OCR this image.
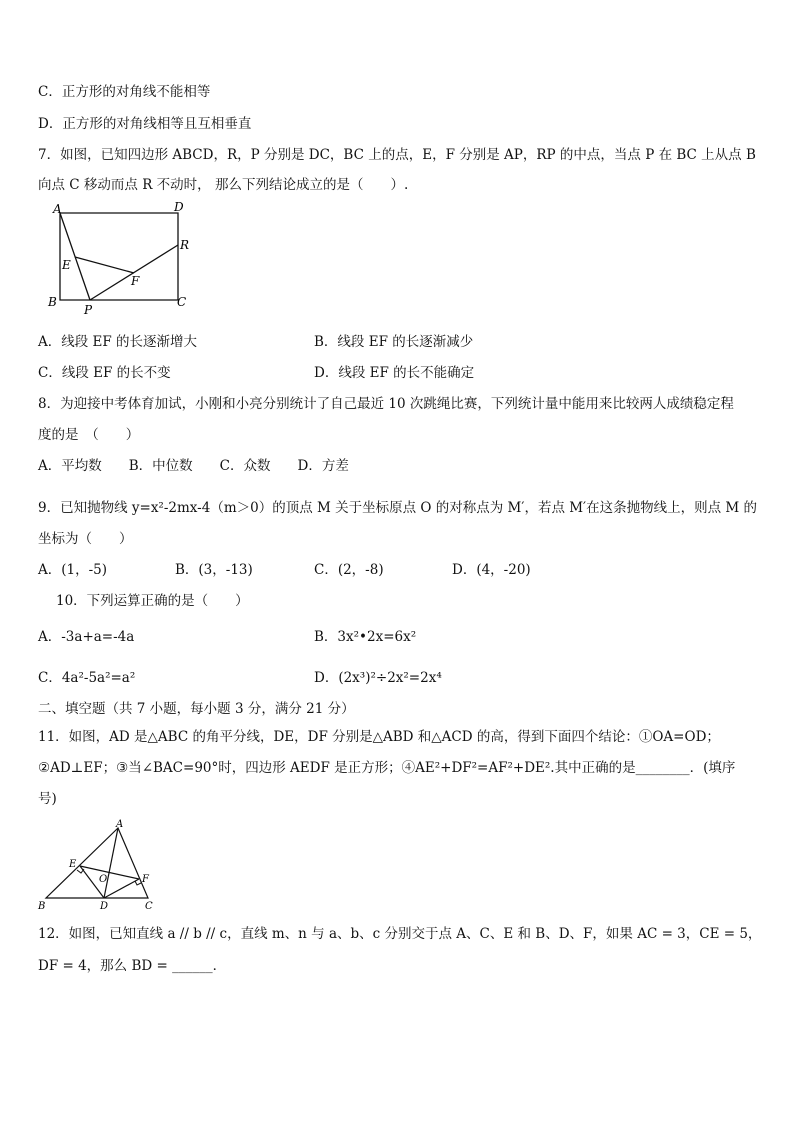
C．正方形的对角线不能相等
D．正方形的对角线相等且互相垂直
7．如图，已知四边形 ABCD，R，P 分别是 DC，BC 上的点，E，F 分别是 AP，RP 的中点，当点 P 在 BC 上从点 B
向点 C 移动而点 R 不动时， 那么下列结论成立的是（　　）.
A	D
R
E
F
B
P
C
A．线段 EF 的长逐渐增大	B．线段 EF 的长逐渐减少
C．线段 EF 的长不变	D．线段 EF 的长不能确定
8．为迎接中考体育加试，小刚和小亮分别统计了自己最近 10 次跳绳比赛，下列统计量中能用来比较两人成绩稳定程
度的是　（　　）
A．平均数　　B．中位数　　C．众数　　D．方差
9．已知抛物线 y=x²-2mx-4（m＞0）的顶点 M 关于坐标原点 O 的对称点为 M′，若点 M′在这条抛物线上，则点 M 的
坐标为（　　）
A．(1，-5)	B．(3，-13)	C．(2，-8)	D．(4，-20)
10．下列运算正确的是（　　）
A．-3a+a=-4a	B．3x²•2x=6x²
C．4a²-5a²=a²	D．(2x³)²÷2x²=2x⁴
二、填空题（共 7 小题，每小题 3 分，满分 21 分）
11．如图，AD 是△ABC 的角平分线，DE，DF 分别是△ABD 和△ACD 的高，得到下面四个结论：①OA=OD；
②AD⊥EF；③当∠BAC=90°时，四边形 AEDF 是正方形；④AE²+DF²=AF²+DE².其中正确的是________．(填序
号)
A
E
O	F
B	D	C
12．如图，已知直线 a // b // c，直线 m、n 与 a、b、c 分别交于点 A、C、E 和 B、D、F，如果 AC = 3，CE = 5，
DF = 4，那么 BD = ______．
